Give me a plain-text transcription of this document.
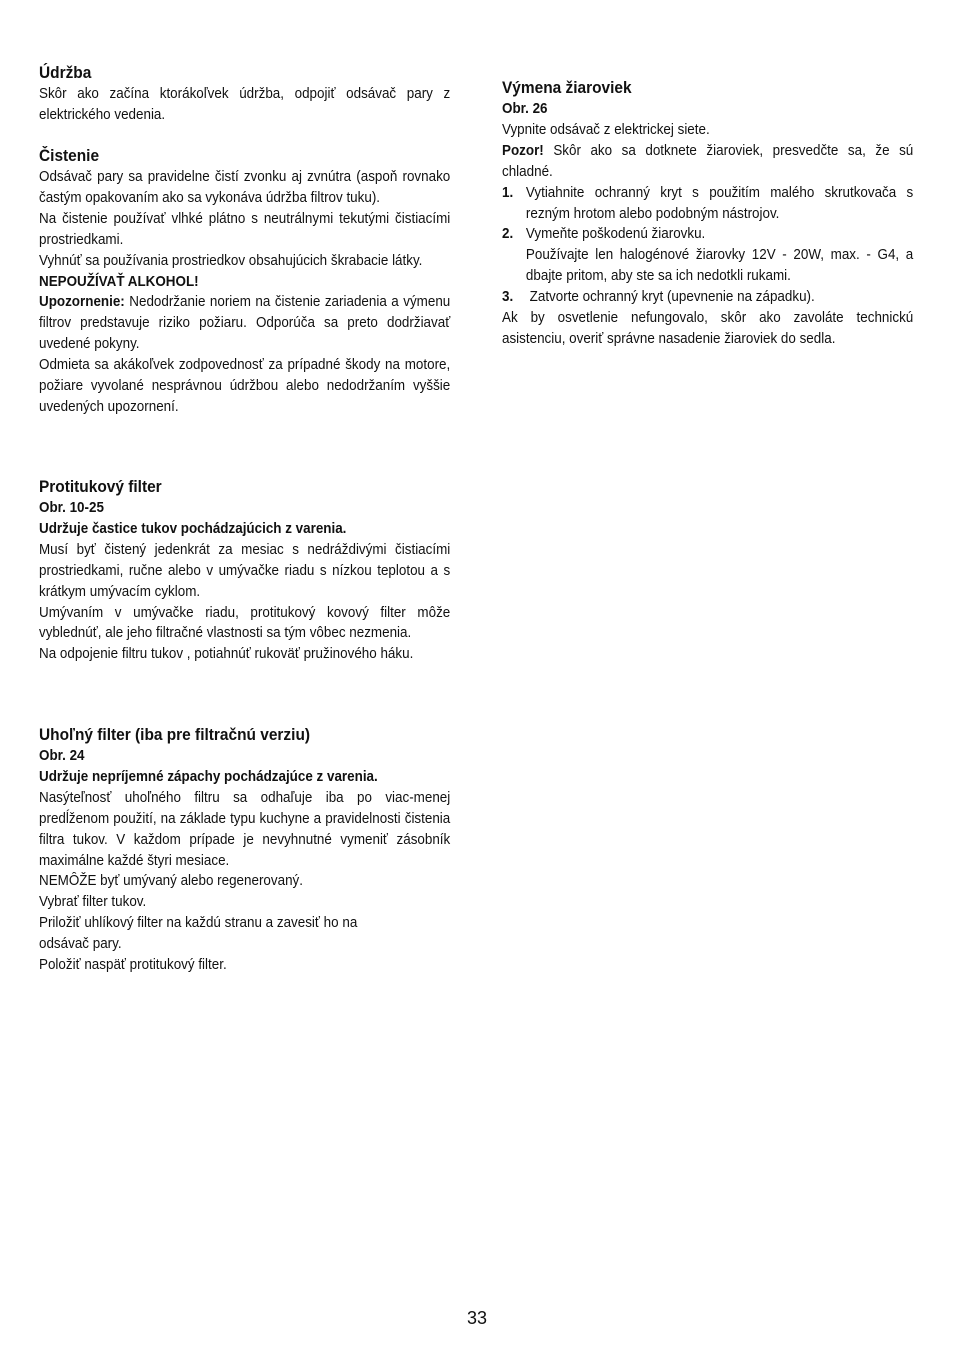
Údržba

Skôr ako začína ktorákoľvek údržba, odpojiť odsávač pary z elektrického vedenia.

Čistenie

Odsávač pary sa pravidelne čistí zvonku aj zvnútra (aspoň rovnako častým opakovaním ako sa vykonáva údržba filtrov tuku).

Na čistenie používať vlhké plátno s neutrálnymi tekutými čistiacími prostriedkami.

Vyhnúť sa používania prostriedkov obsahujúcich škrabacie látky.

NEPOUŽÍVAŤ ALKOHOL!

Upozornenie: Nedodržanie noriem na čistenie zariadenia a výmenu filtrov predstavuje riziko požiaru. Odporúča sa preto dodržiavať uvedené pokyny.

Odmieta sa akákoľvek zodpovednosť za prípadné škody na motore, požiare vyvolané nesprávnou údržbou alebo nedodržaním vyššie uvedených upozornení.

Protitukový filter

Obr. 10-25

Udržuje častice tukov pochádzajúcich z varenia.

Musí byť čistený jedenkrát za mesiac s nedráždivými čistiacími prostriedkami, ručne alebo v umývačke riadu s nízkou teplotou a s krátkym umývacím cyklom.

Umývaním v umývačke riadu, protitukový kovový filter môže vyblednúť, ale jeho filtračné vlastnosti sa tým vôbec nezmenia.

Na odpojenie filtru tukov , potiahnúť rukoväť pružinového háku.

Uhoľný filter (iba pre filtračnú verziu)

Obr. 24

Udržuje nepríjemné zápachy pochádzajúce z varenia.

Nasýteľnosť uhoľného filtru sa odhaľuje iba po viac-menej predĺženom použití, na základe typu kuchyne a pravidelnosti čistenia filtra tukov. V každom prípade je nevyhnutné vymeniť zásobník maximálne každé štyri mesiace.

NEMÔŽE byť umývaný alebo regenerovaný.

Vybrať filter tukov.

Priložiť uhlíkový filter na každú stranu a zavesiť ho na

odsávač pary.

Položiť naspäť protitukový filter.

Výmena žiaroviek

Obr. 26

Vypnite odsávač z elektrickej siete.

Pozor! Skôr ako sa dotknete žiaroviek, presvedčte sa, že sú chladné.

1. Vytiahnite ochranný kryt s použitím malého skrutkovača s rezným hrotom alebo podobným nástrojov.
2. Vymeňte poškodenú žiarovku.
Používajte len halogénové žiarovky 12V - 20W, max. - G4, a dbajte pritom, aby ste sa ich nedotkli rukami.
3. Zatvorte ochranný kryt (upevnenie na západku).

Ak by osvetlenie nefungovalo, skôr ako zavoláte technickú asistenciu, overiť správne nasadenie žiaroviek do sedla.

33
